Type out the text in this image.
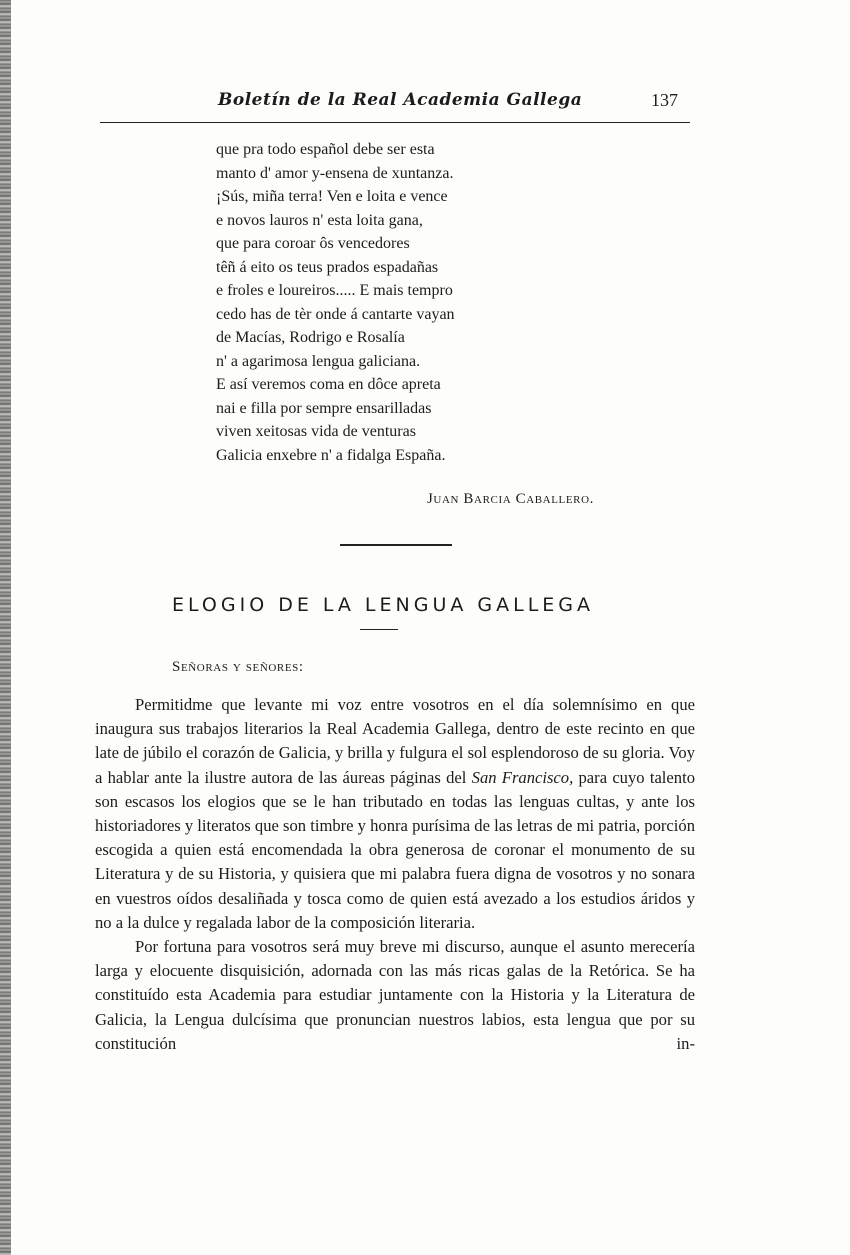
Boletín de la Real Academia Gallega	137
que pra todo español debe ser esta
manto d' amor y-ensena de xuntanza.
¡Sús, miña terra! Ven e loita e vence
e novos lauros n' esta loita gana,
que para coroar ôs vencedores
têñ á eito os teus prados espadañas
e froles e loureiros..... E mais tempro
cedo has de tèr onde á cantarte vayan
de Macías, Rodrigo e Rosalía
n' a agarimosa lengua galiciana.
E así veremos coma en dôce apreta
nai e filla por sempre ensarilladas
viven xeitosas vida de venturas
Galicia enxebre n' a fidalga España.
Juan Barcia Caballero.
ELOGIO DE LA LENGUA GALLEGA
Señoras y señores:

Permitidme que levante mi voz entre vosotros en el día solemnísimo en que inaugura sus trabajos literarios la Real Academia Gallega, dentro de este recinto en que late de júbilo el corazón de Galicia, y brilla y fulgura el sol esplendoroso de su gloria. Voy a hablar ante la ilustre autora de las áureas páginas del San Francisco, para cuyo talento son escasos los elogios que se le han tributado en todas las lenguas cultas, y ante los historiadores y literatos que son timbre y honra purísima de las letras de mi patria, porción escogida a quien está encomendada la obra generosa de coronar el monumento de su Literatura y de su Historia, y quisiera que mi palabra fuera digna de vosotros y no sonara en vuestros oídos desaliñada y tosca como de quien está avezado a los estudios áridos y no a la dulce y regalada labor de la composición literaria.

Por fortuna para vosotros será muy breve mi discurso, aunque el asunto merecería larga y elocuente disquisición, adornada con las más ricas galas de la Retórica. Se ha constituído esta Academia para estudiar juntamente con la Historia y la Literatura de Galicia, la Lengua dulcísima que pronuncian nuestros labios, esta lengua que por su constitución in-
